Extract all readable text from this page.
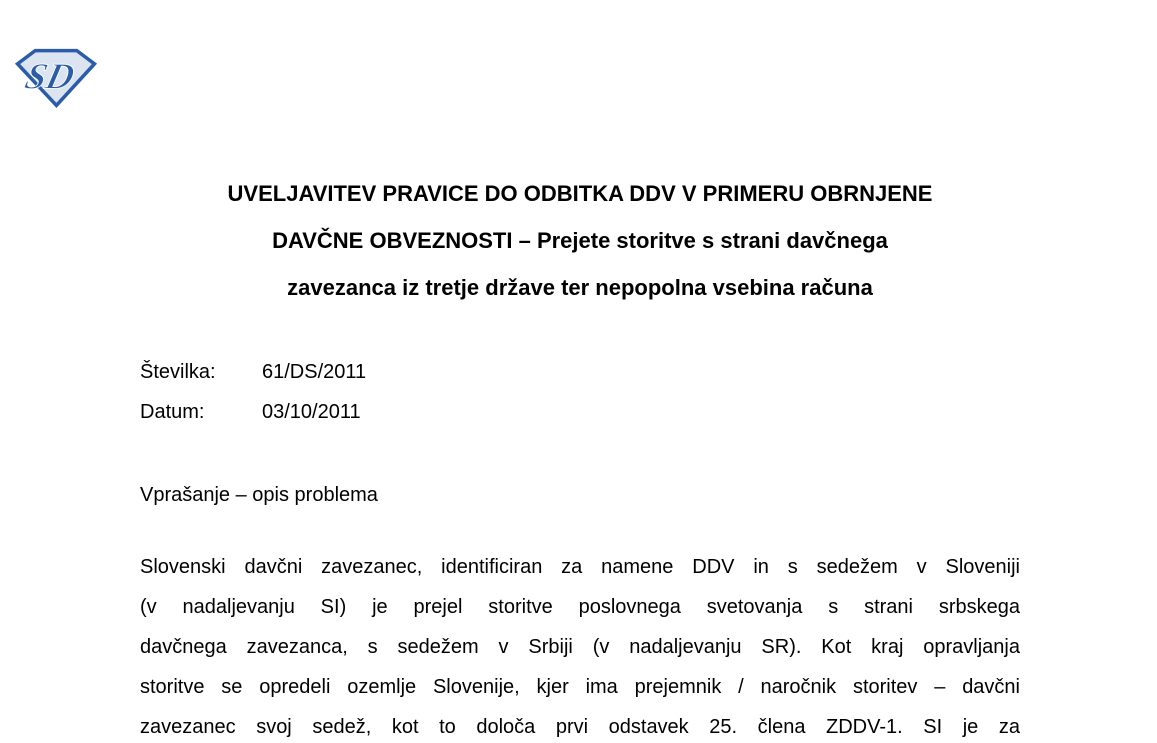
SD
UVELJAVITEV PRAVICE DO ODBITKA DDV V PRIMERU OBRNJENE
DAVČNE OBVEZNOSTI – Prejete storitve s strani davčnega
zavezanca iz tretje države ter nepopolna vsebina računa
Številka:	61/DS/2011
Datum:	03/10/2011
Vprašanje – opis problema
Slovenski davčni zavezanec, identificiran za namene DDV in s sedežem v Sloveniji
(v nadaljevanju SI) je prejel storitve poslovnega svetovanja s strani srbskega
davčnega zavezanca, s sedežem v Srbiji (v nadaljevanju SR). Kot kraj opravljanja
storitve se opredeli ozemlje Slovenije, kjer ima prejemnik / naročnik storitev – davčni
zavezanec svoj sedež, kot to določa prvi odstavek 25. člena ZDDV-1. SI je za
